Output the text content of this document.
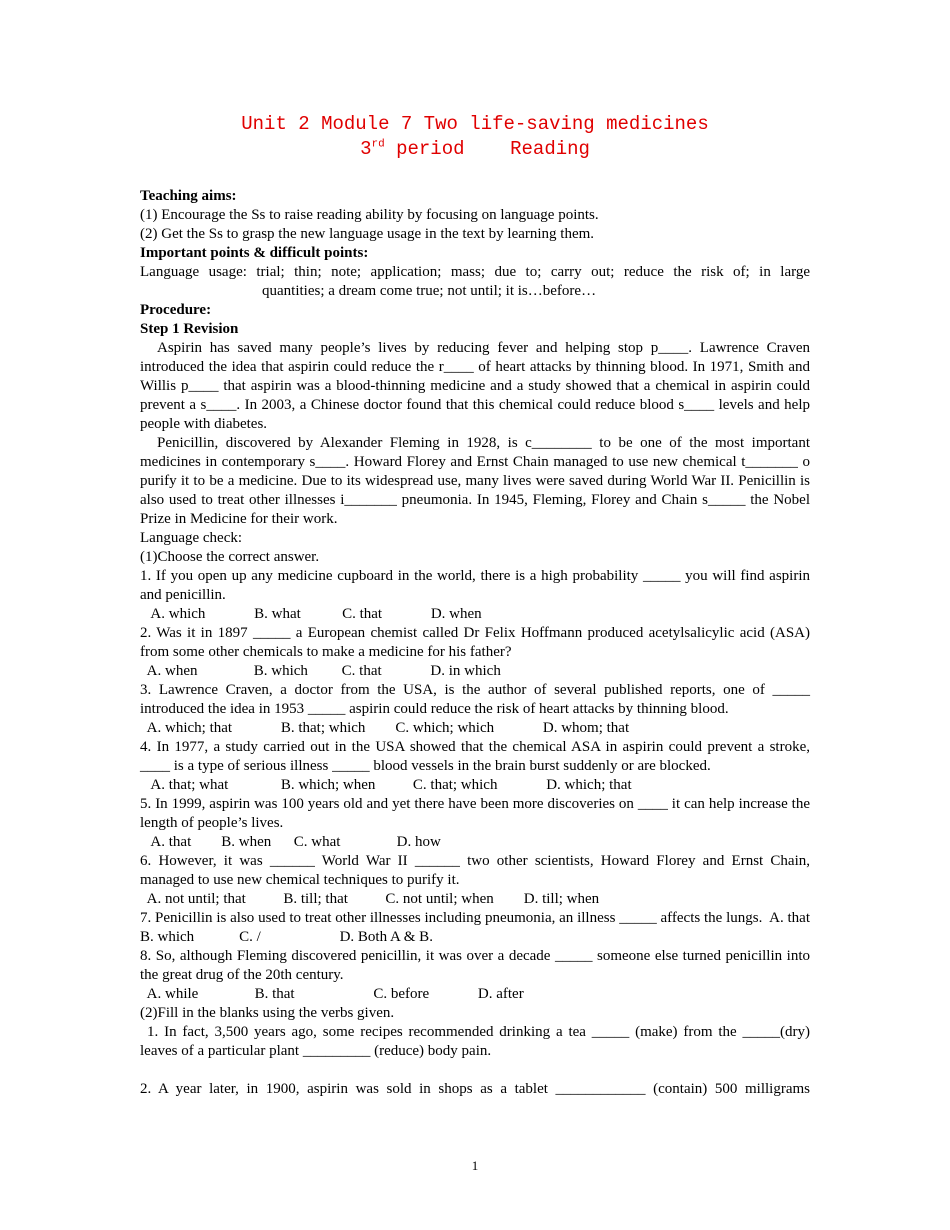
Unit 2 Module 7 Two life-saving medicines
3rd period    Reading
Teaching aims:
(1) Encourage the Ss to raise reading ability by focusing on language points.
(2) Get the Ss to grasp the new language usage in the text by learning them.
Important points & difficult points:
Language usage: trial; thin; note; application; mass; due to; carry out; reduce the risk of; in large
quantities; a dream come true; not until; it is…before…
Procedure:
Step 1 Revision
Aspirin has saved many people’s lives by reducing fever and helping stop p____. Lawrence Craven introduced the idea that aspirin could reduce the r____ of heart attacks by thinning blood. In 1971, Smith and Willis p____ that aspirin was a blood-thinning medicine and a study showed that a chemical in aspirin could prevent a s____. In 2003, a Chinese doctor found that this chemical could reduce blood s____ levels and help people with diabetes.
Penicillin, discovered by Alexander Fleming in 1928, is c________ to be one of the most important medicines in contemporary s____. Howard Florey and Ernst Chain managed to use new chemical t_______ o purify it to be a medicine. Due to its widespread use, many lives were saved during World War II. Penicillin is also used to treat other illnesses i_______ pneumonia. In 1945, Fleming, Florey and Chain s_____ the Nobel Prize in Medicine for their work.
Language check:
(1)Choose the correct answer.
1. If you open up any medicine cupboard in the world, there is a high probability _____ you will find aspirin and penicillin.
A. which             B. what           C. that             D. when
2. Was it in 1897 _____ a European chemist called Dr Felix Hoffmann produced acetylsalicylic acid (ASA) from some other chemicals to make a medicine for his father?
A. when               B. which         C. that             D. in which
3. Lawrence Craven, a doctor from the USA, is the author of several published reports, one of _____ introduced the idea in 1953 _____ aspirin could reduce the risk of heart attacks by thinning blood.
A. which; that             B. that; which        C. which; which             D. whom; that
4. In 1977, a study carried out in the USA showed that the chemical ASA in aspirin could prevent a stroke, ____ is a type of serious illness _____ blood vessels in the brain burst suddenly or are blocked.
A. that; what              B. which; when          C. that; which             D. which; that
5. In 1999, aspirin was 100 years old and yet there have been more discoveries on ____ it can help increase the length of people’s lives.
A. that        B. when      C. what               D. how
6. However, it was ______ World War II ______ two other scientists, Howard Florey and Ernst Chain, managed to use new chemical techniques to purify it.
A. not until; that          B. till; that          C. not until; when        D. till; when
7. Penicillin is also used to treat other illnesses including pneumonia, an illness _____ affects the lungs.  A. that         B. which            C. /                     D. Both A & B.
8. So, although Fleming discovered penicillin, it was over a decade _____ someone else turned penicillin into the great drug of the 20th century.
A. while               B. that                     C. before             D. after
(2)Fill in the blanks using the verbs given.
1. In fact, 3,500 years ago, some recipes recommended drinking a tea _____ (make) from the _____(dry) leaves of a particular plant _________ (reduce) body pain.
2. A year later, in 1900, aspirin was sold in shops as a tablet ____________ (contain) 500 milligrams
1
